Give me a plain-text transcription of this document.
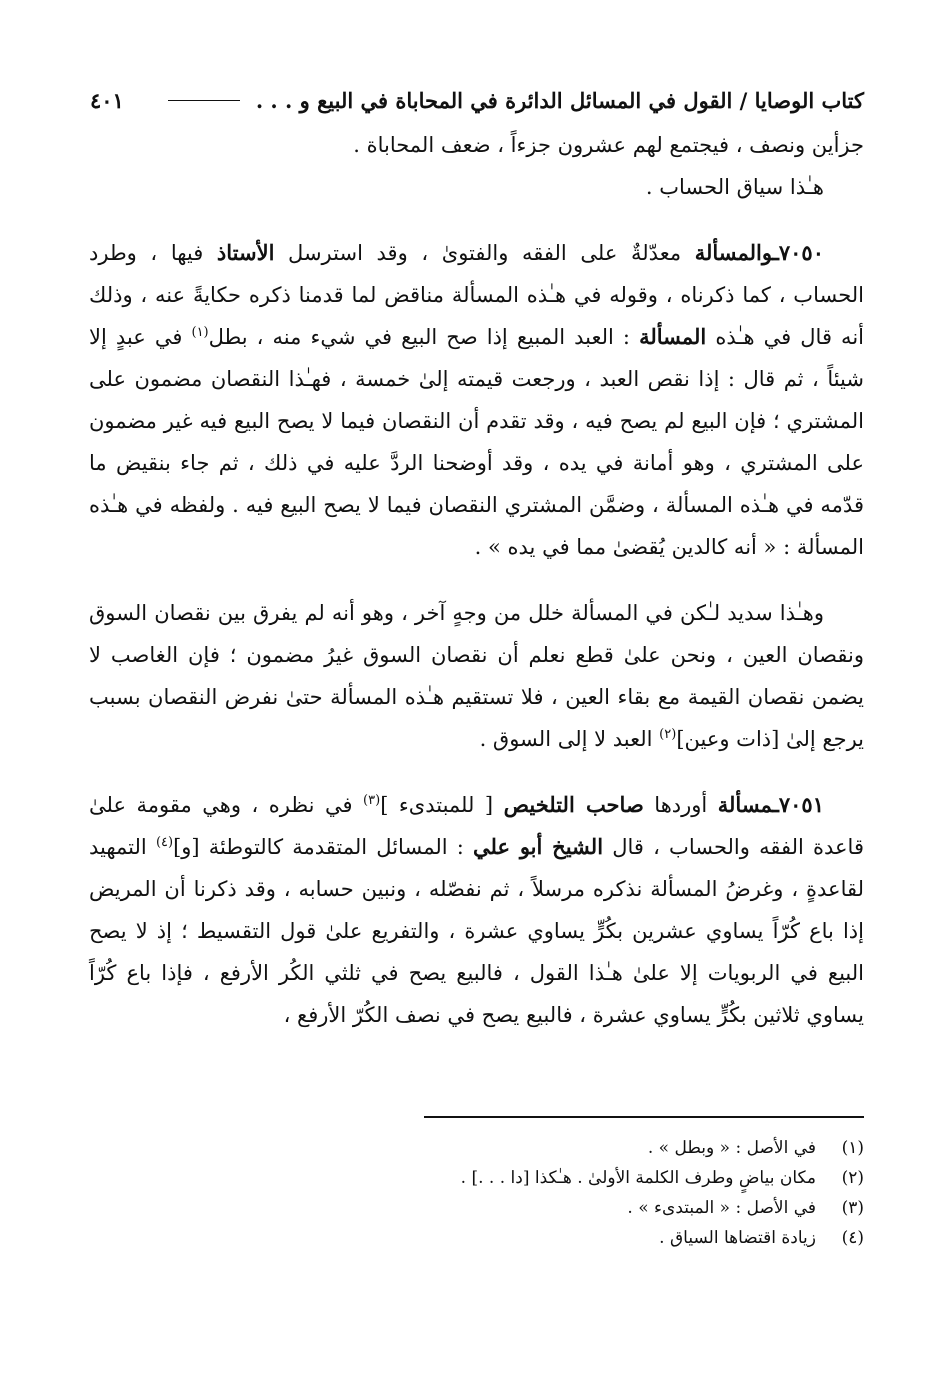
كتاب الوصايا / القول في المسائل الدائرة في المحاباة في البيع و . . .
٤٠١

جزأين ونصف ، فيجتمع لهم عشرون جزءاً ، ضعف المحاباة .

هـٰذا سياق الحساب .

٧٠٥٠ـوالمسألة معدّلةٌ على الفقه والفتوىٰ ، وقد استرسل الأستاذ فيها ، وطرد الحساب ، كما ذكرناه ، وقوله في هـٰذه المسألة مناقض لما قدمنا ذكره حكايةً عنه ، وذلك أنه قال في هـٰذه المسألة : العبد المبيع إذا صح البيع في شيء منه ، بطل$^{(١)}$ في عبدٍ إلا شيئاً ، ثم قال : إذا نقص العبد ، ورجعت قيمته إلىٰ خمسة ، فهـٰذا النقصان مضمون على المشتري ؛ فإن البيع لم يصح فيه ، وقد تقدم أن النقصان فيما لا يصح البيع فيه غير مضمون على المشتري ، وهو أمانة في يده ، وقد أوضحنا الردَّ عليه في ذلك ، ثم جاء بنقيض ما قدّمه في هـٰذه المسألة ، وضمَّن المشتري النقصان فيما لا يصح البيع فيه . ولفظه في هـٰذه المسألة : « أنه كالدين يُقضىٰ مما في يده » .

وهـٰذا سديد لـٰكن في المسألة خلل من وجهٍ آخر ، وهو أنه لم يفرق بين نقصان السوق ونقصان العين ، ونحن علىٰ قطع نعلم أن نقصان السوق غيرُ مضمون ؛ فإن الغاصب لا يضمن نقصان القيمة مع بقاء العين ، فلا تستقيم هـٰذه المسألة حتىٰ نفرض النقصان بسبب يرجع إلىٰ [ذات وعين]$^{(٢)}$ العبد لا إلى السوق .

٧٠٥١ـمسألة أوردها صاحب التلخيص [ للمبتدىء ]$^{(٣)}$ في نظره ، وهي مقومة علىٰ قاعدة الفقه والحساب ، قال الشيخ أبو علي : المسائل المتقدمة كالتوطئة [و]$^{(٤)}$ التمهيد لقاعدةٍ ، وغرضُ المسألة نذكره مرسلاً ، ثم نفصّله ، ونبين حسابه ، وقد ذكرنا أن المريض إذا باع كُرّاً يساوي عشرين بكُرٍّ يساوي عشرة ، والتفريع علىٰ قول التقسيط ؛ إذ لا يصح البيع في الربويات إلا علىٰ هـٰذا القول ، فالبيع يصح في ثلثي الكُر الأرفع ، فإذا باع كُرّاً يساوي ثلاثين بكُرٍّ يساوي عشرة ، فالبيع يصح في نصف الكُرّ الأرفع ،

(١)
في الأصل : « وبطل » .
(٢)
مكان بياضٍ وطرف الكلمة الأولىٰ . هـٰكذا [دا . . .] .
(٣)
في الأصل : « المبتدىء » .
(٤)
زيادة اقتضاها السياق .
